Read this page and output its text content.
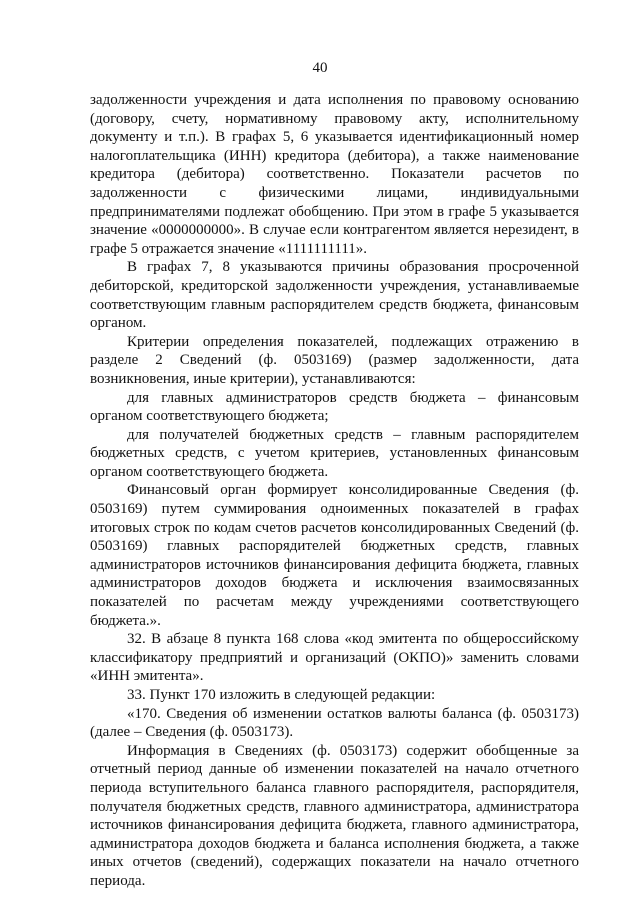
40

задолженности учреждения и дата исполнения по правовому основанию (договору, счету, нормативному правовому акту, исполнительному документу и т.п.). В графах 5, 6 указывается идентификационный номер налогоплательщика (ИНН) кредитора (дебитора), а также наименование кредитора (дебитора) соответственно. Показатели расчетов по задолженности с физическими лицами, индивидуальными предпринимателями подлежат обобщению. При этом в графе 5 указывается значение «0000000000». В случае если контрагентом является нерезидент, в графе 5 отражается значение «1111111111».

В графах 7, 8 указываются причины образования просроченной дебиторской, кредиторской задолженности учреждения, устанавливаемые соответствующим главным распорядителем средств бюджета, финансовым органом.

Критерии определения показателей, подлежащих отражению в разделе 2 Сведений (ф. 0503169) (размер задолженности, дата возникновения, иные критерии), устанавливаются:

для главных администраторов средств бюджета – финансовым органом соответствующего бюджета;

для получателей бюджетных средств – главным распорядителем бюджетных средств, с учетом критериев, установленных финансовым органом соответствующего бюджета.

Финансовый орган формирует консолидированные Сведения (ф. 0503169) путем суммирования одноименных показателей в графах итоговых строк по кодам счетов расчетов консолидированных Сведений (ф. 0503169) главных распорядителей бюджетных средств, главных администраторов источников финансирования дефицита бюджета, главных администраторов доходов бюджета и исключения взаимосвязанных показателей по расчетам между учреждениями соответствующего бюджета.».

32. В абзаце 8 пункта 168 слова «код эмитента по общероссийскому классификатору предприятий и организаций (ОКПО)» заменить словами «ИНН эмитента».

33. Пункт 170 изложить в следующей редакции:

«170. Сведения об изменении остатков валюты баланса (ф. 0503173) (далее – Сведения (ф. 0503173).

Информация в Сведениях (ф. 0503173) содержит обобщенные за отчетный период данные об изменении показателей на начало отчетного периода вступительного баланса главного распорядителя, распорядителя, получателя бюджетных средств, главного администратора, администратора источников финансирования дефицита бюджета, главного администратора, администратора доходов бюджета и баланса исполнения бюджета, а также иных отчетов (сведений), содержащих показатели на начало отчетного периода.
